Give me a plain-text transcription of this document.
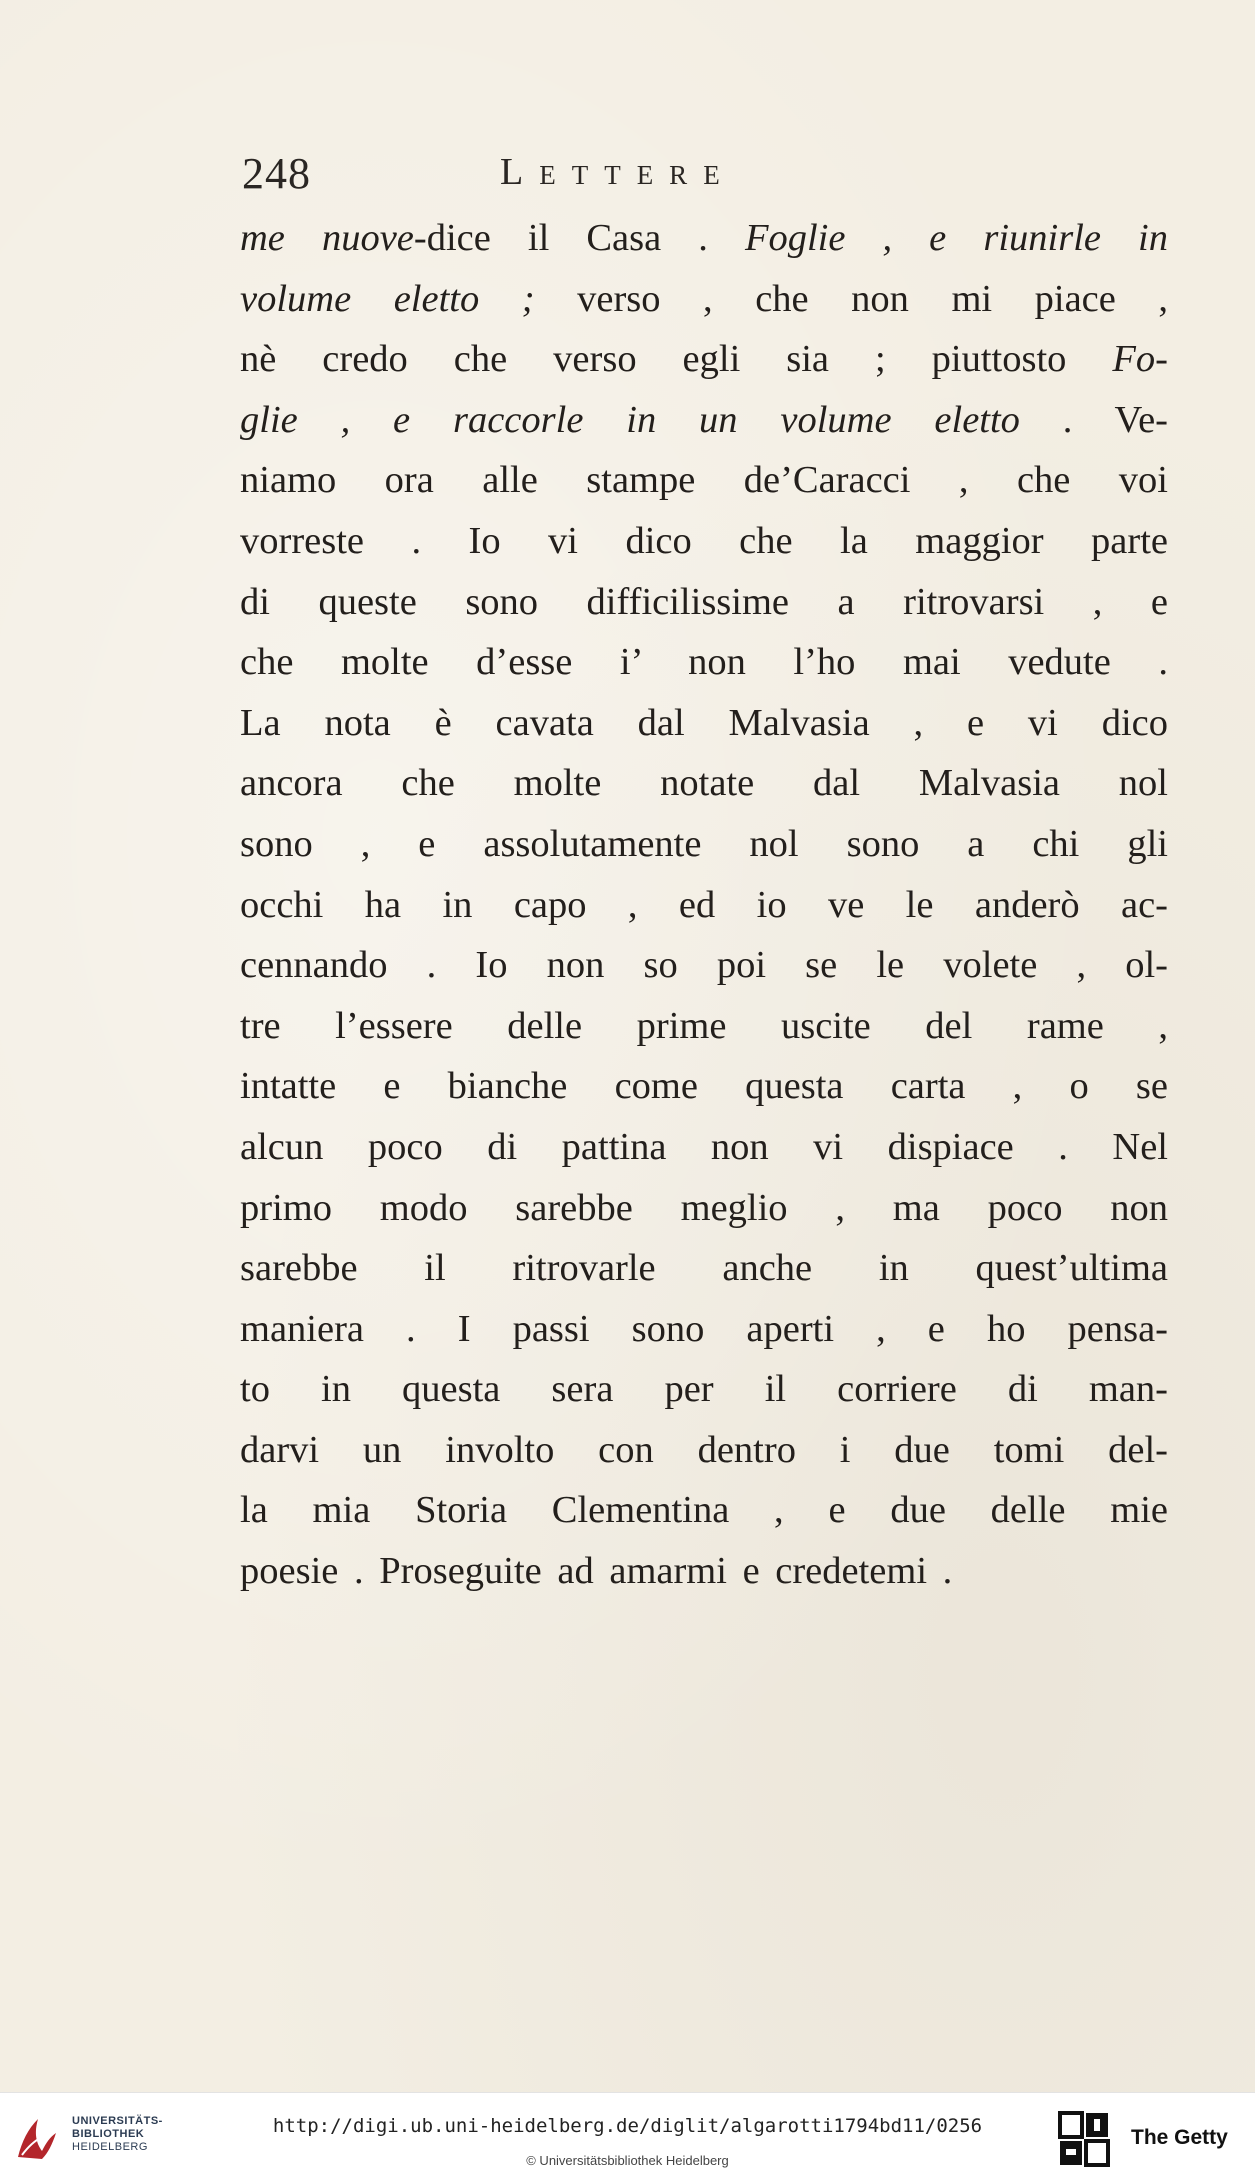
248	Lettere
me nuove-dice il Casa . Foglie , e riunirle in
volume eletto ; verso , che non mi piace ,
nè credo che verso egli sia ; piuttosto Fo-
glie , e raccorle in un volume eletto . Ve-
niamo ora alle stampe de’Caracci , che voi
vorreste . Io vi dico che la maggior parte
di queste sono difficilissime a ritrovarsi , e
che molte d’esse i’ non l’ho mai vedute .
La nota è cavata dal Malvasia , e vi dico
ancora che molte notate dal Malvasia nol
sono , e assolutamente nol sono a chi gli
occhi ha in capo , ed io ve le anderò ac-
cennando . Io non so poi se le volete , ol-
tre l’essere delle prime uscite del rame ,
intatte e bianche come questa carta , o se
alcun poco di pattina non vi dispiace . Nel
primo modo sarebbe meglio , ma poco non
sarebbe il ritrovarle anche in quest’ultima
maniera . I passi sono aperti , e ho pensa-
to in questa sera per il corriere di man-
darvi un involto con dentro i due tomi del-
la mia Storia Clementina , e due delle mie
poesie . Proseguite ad amarmi e credetemi .
UNIVERSITÄTS-
BIBLIOTHEK
HEIDELBERG
http://digi.ub.uni-heidelberg.de/diglit/algarotti1794bd11/0256
© Universitätsbibliothek Heidelberg
The Getty
